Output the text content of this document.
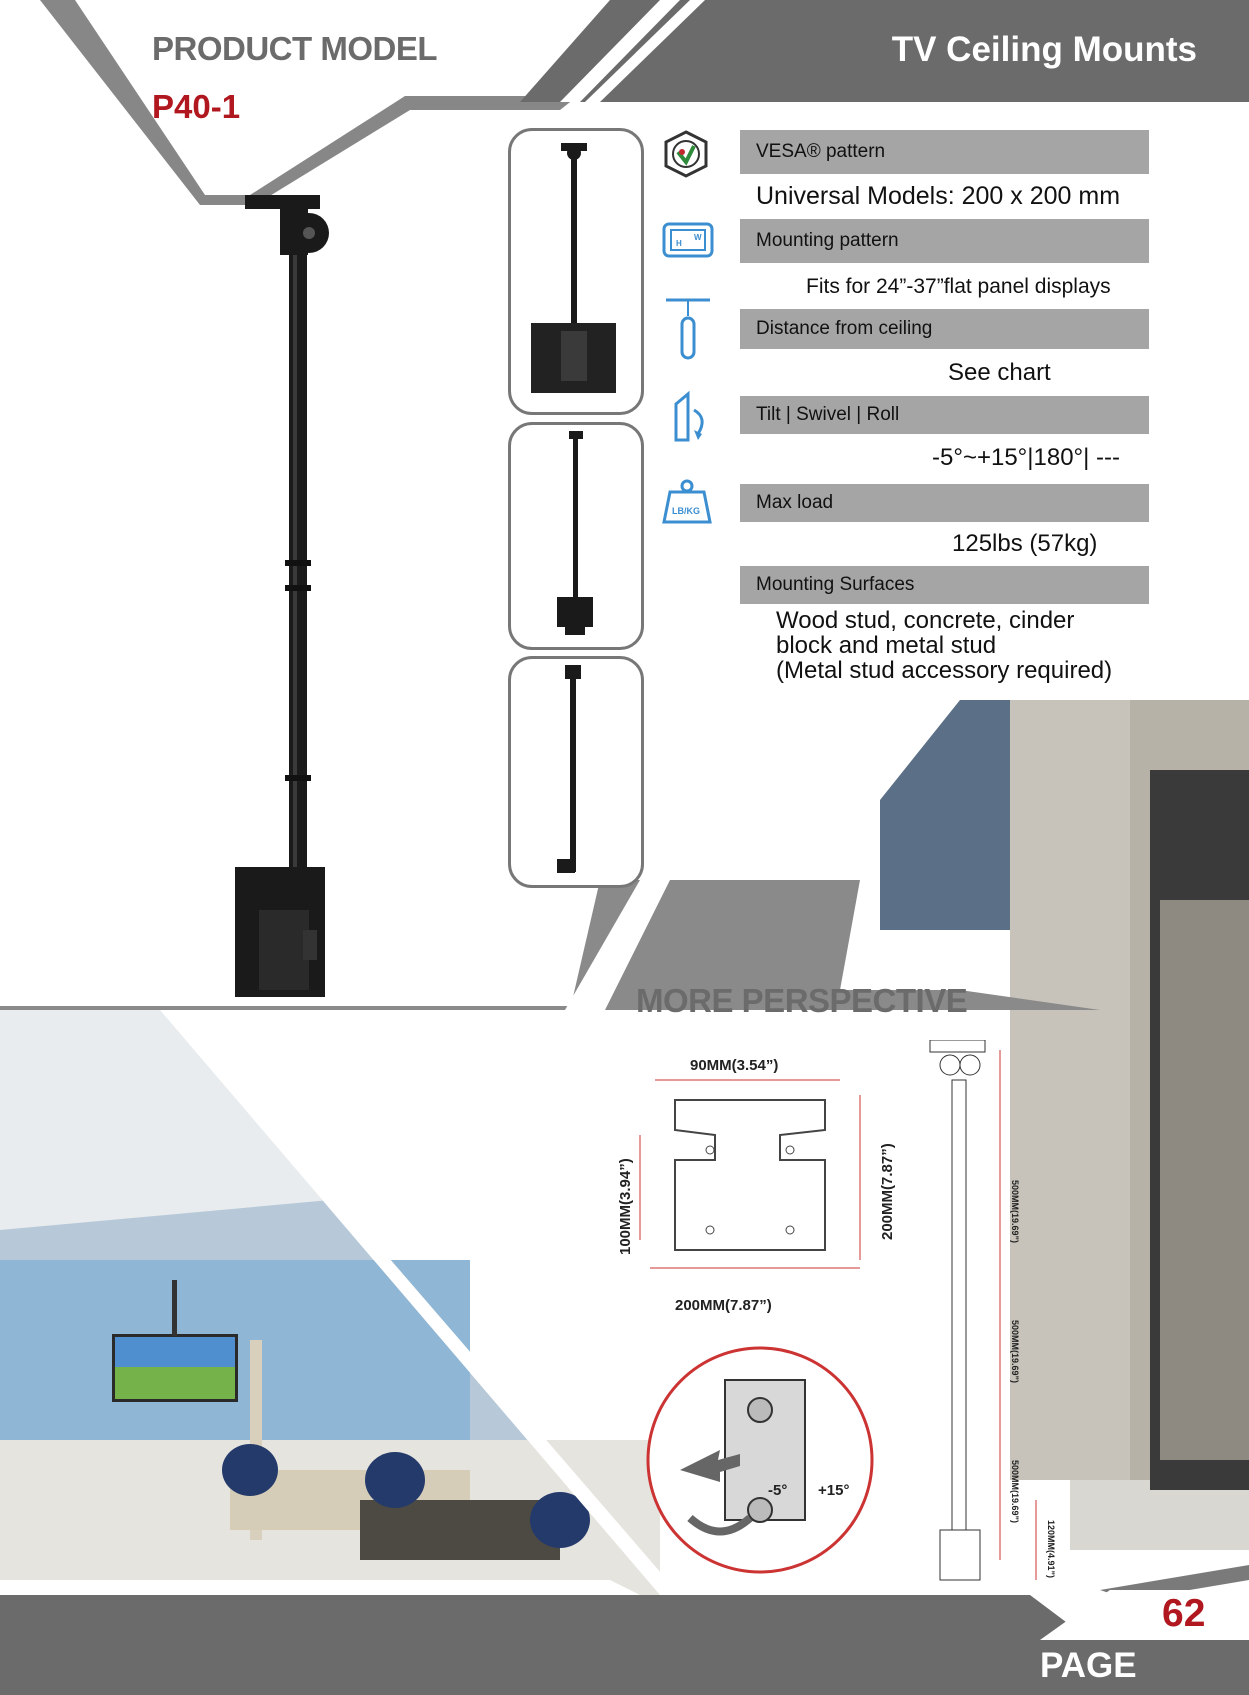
PRODUCT MODEL
P40-1
TV Ceiling Mounts
H
W
LB/KG
VESA® pattern
Universal Models: 200 x 200 mm
Mounting pattern
Fits for 24”-37”flat panel displays
Distance from ceiling
See chart
Tilt | Swivel | Roll
-5°~+15°|180°| ---
Max load
125lbs (57kg)
Mounting Surfaces
Wood stud, concrete, cinder
block and metal stud
(Metal stud accessory required)
MORE PERSPECTIVE
90MM(3.54”)
200MM(7.87”)
100MM(3.94”)	200MM(7.87”)
-5° +15°
500MM(19.69”)
500MM(19.69”)
500MM(19.69”)
120MM(4.91”)
PAGE
62
